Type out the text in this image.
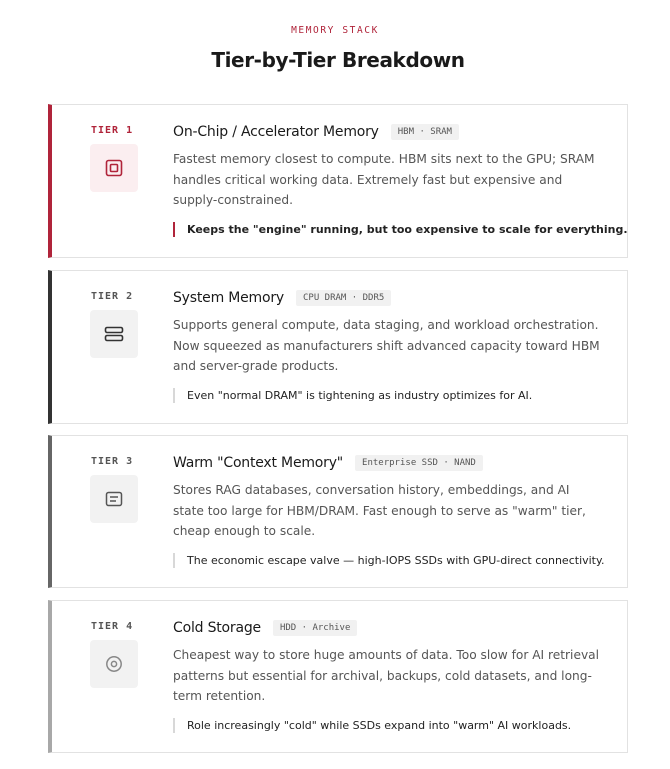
MEMORY STACK
Tier-by-Tier Breakdown
TIER 1	On-Chip / Accelerator Memory	HBM · SRAM

Fastest memory closest to compute. HBM sits next to the GPU; SRAM handles critical working data. Extremely fast but expensive and supply-constrained.

Keeps the "engine" running, but too expensive to scale for everything.
TIER 2	System Memory	CPU DRAM · DDR5

Supports general compute, data staging, and workload orchestration. Now squeezed as manufacturers shift advanced capacity toward HBM and server-grade products.

Even "normal DRAM" is tightening as industry optimizes for AI.
TIER 3	Warm "Context Memory"	Enterprise SSD · NAND

Stores RAG databases, conversation history, embeddings, and AI state too large for HBM/DRAM. Fast enough to serve as "warm" tier, cheap enough to scale.

The economic escape valve — high-IOPS SSDs with GPU-direct connectivity.
TIER 4	Cold Storage	HDD · Archive

Cheapest way to store huge amounts of data. Too slow for AI retrieval patterns but essential for archival, backups, cold datasets, and long-term retention.

Role increasingly "cold" while SSDs expand into "warm" AI workloads.
